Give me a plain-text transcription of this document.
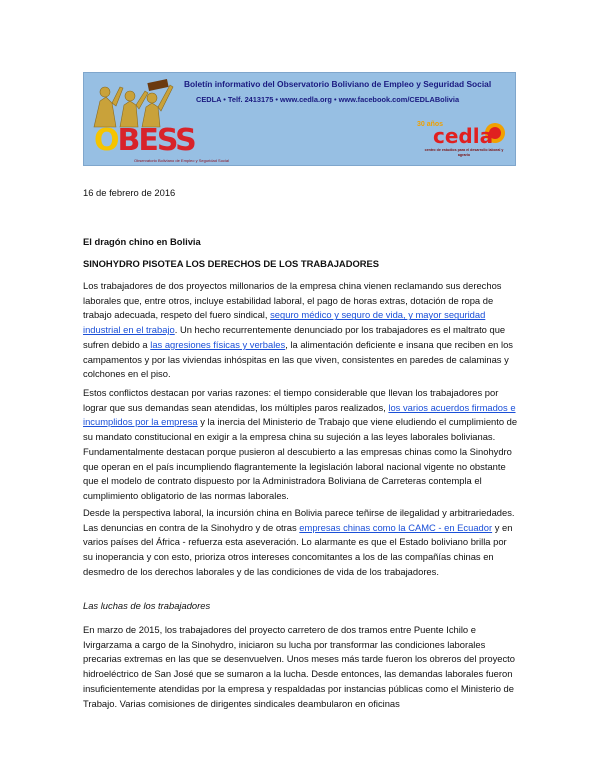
Boletín informativo del Observatorio Boliviano de Empleo y Seguridad Social
CEDLA • Telf. 2413175 • www.cedla.org • www.facebook.com/CEDLABolivia
OBESS
Observatorio Boliviano de Empleo y Seguridad Social
30 años
cedla
centro de estudios para el desarrollo laboral y agrario
16 de febrero de 2016
El dragón chino en Bolivia
SINOHYDRO PISOTEA LOS DERECHOS DE LOS TRABAJADORES

Los trabajadores de dos proyectos millonarios de la empresa china vienen reclamando sus derechos laborales que, entre otros, incluye estabilidad laboral, el pago de horas extras, dotación de ropa de trabajo adecuada, respeto del fuero sindical, seguro médico y seguro de vida, y mayor seguridad industrial en el trabajo. Un hecho recurrentemente denunciado por los trabajadores es el maltrato que sufren debido a las agresiones físicas y verbales, la alimentación deficiente e insana que reciben en los campamentos y por las viviendas inhóspitas en las que viven, consistentes en paredes de calaminas y colchones en el piso.

Estos conflictos destacan por varias razones: el tiempo considerable que llevan los trabajadores por lograr que sus demandas sean atendidas, los múltiples paros realizados, los varios acuerdos firmados e incumplidos por la empresa y la inercia del Ministerio de Trabajo que viene eludiendo el cumplimiento de su mandato constitucional en exigir a la empresa china su sujeción a las leyes laborales bolivianas. Fundamentalmente destacan porque pusieron al descubierto a las empresas chinas como la Sinohydro que operan en el país incumpliendo flagrantemente la legislación laboral nacional vigente no obstante que el modelo de contrato dispuesto por la Administradora Boliviana de Carreteras contempla el cumplimiento obligatorio de las normas laborales.

Desde la perspectiva laboral, la incursión china en Bolivia parece teñirse de ilegalidad y arbitrariedades. Las denuncias en contra de la Sinohydro y de otras empresas chinas como la CAMC - en Ecuador y en varios países del África - refuerza esta aseveración. Lo alarmante es que el Estado boliviano brilla por su inoperancia y con esto, prioriza otros intereses concomitantes a los de las compañías chinas en desmedro de los derechos laborales y de las condiciones de vida de los trabajadores.

Las luchas de los trabajadores

En marzo de 2015, los trabajadores del proyecto carretero de dos tramos entre Puente Ichilo e Ivirgarzama a cargo de la Sinohydro, iniciaron su lucha por transformar las condiciones laborales precarias extremas en las que se desenvuelven. Unos meses más tarde fueron los obreros del proyecto hidroeléctrico de San José que se sumaron a la lucha. Desde entonces, las demandas laborales fueron insuficientemente atendidas por la empresa y respaldadas por instancias públicas como el Ministerio de Trabajo. Varias comisiones de dirigentes sindicales deambularon en oficinas
